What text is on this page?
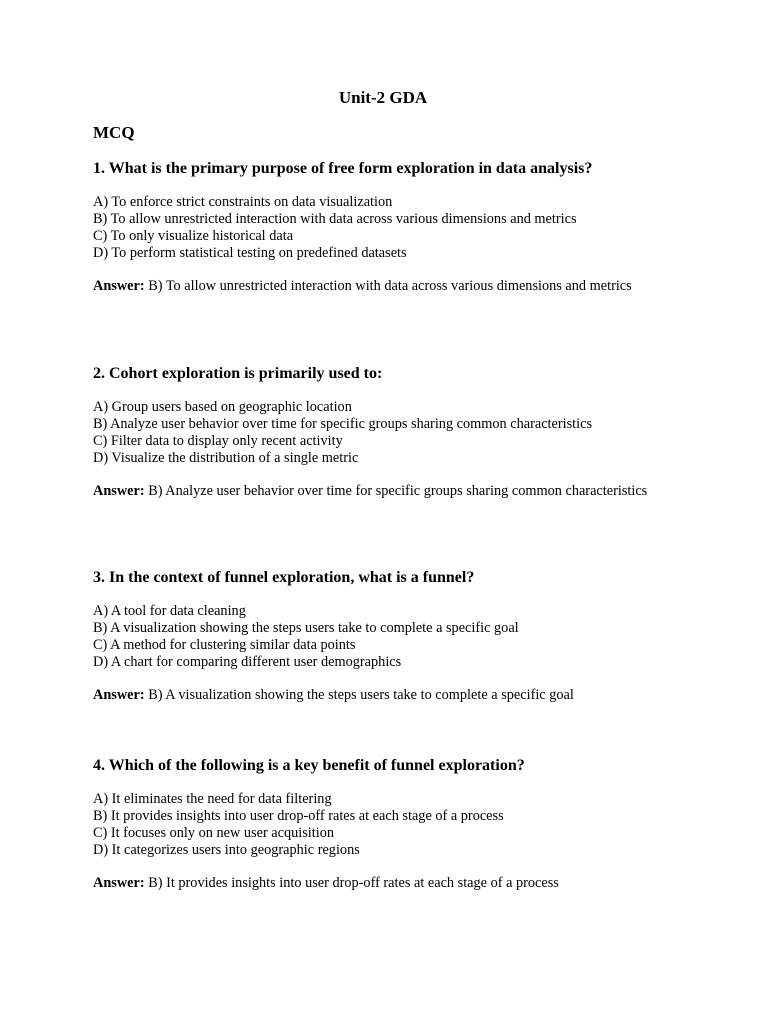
Unit-2 GDA
MCQ

1. What is the primary purpose of free form exploration in data analysis?

A) To enforce strict constraints on data visualization
B) To allow unrestricted interaction with data across various dimensions and metrics
C) To only visualize historical data
D) To perform statistical testing on predefined datasets

Answer: B) To allow unrestricted interaction with data across various dimensions and metrics

2. Cohort exploration is primarily used to:

A) Group users based on geographic location
B) Analyze user behavior over time for specific groups sharing common characteristics
C) Filter data to display only recent activity
D) Visualize the distribution of a single metric

Answer: B) Analyze user behavior over time for specific groups sharing common characteristics

3. In the context of funnel exploration, what is a funnel?

A) A tool for data cleaning
B) A visualization showing the steps users take to complete a specific goal
C) A method for clustering similar data points
D) A chart for comparing different user demographics

Answer: B) A visualization showing the steps users take to complete a specific goal

4. Which of the following is a key benefit of funnel exploration?

A) It eliminates the need for data filtering
B) It provides insights into user drop-off rates at each stage of a process
C) It focuses only on new user acquisition
D) It categorizes users into geographic regions

Answer: B) It provides insights into user drop-off rates at each stage of a process
